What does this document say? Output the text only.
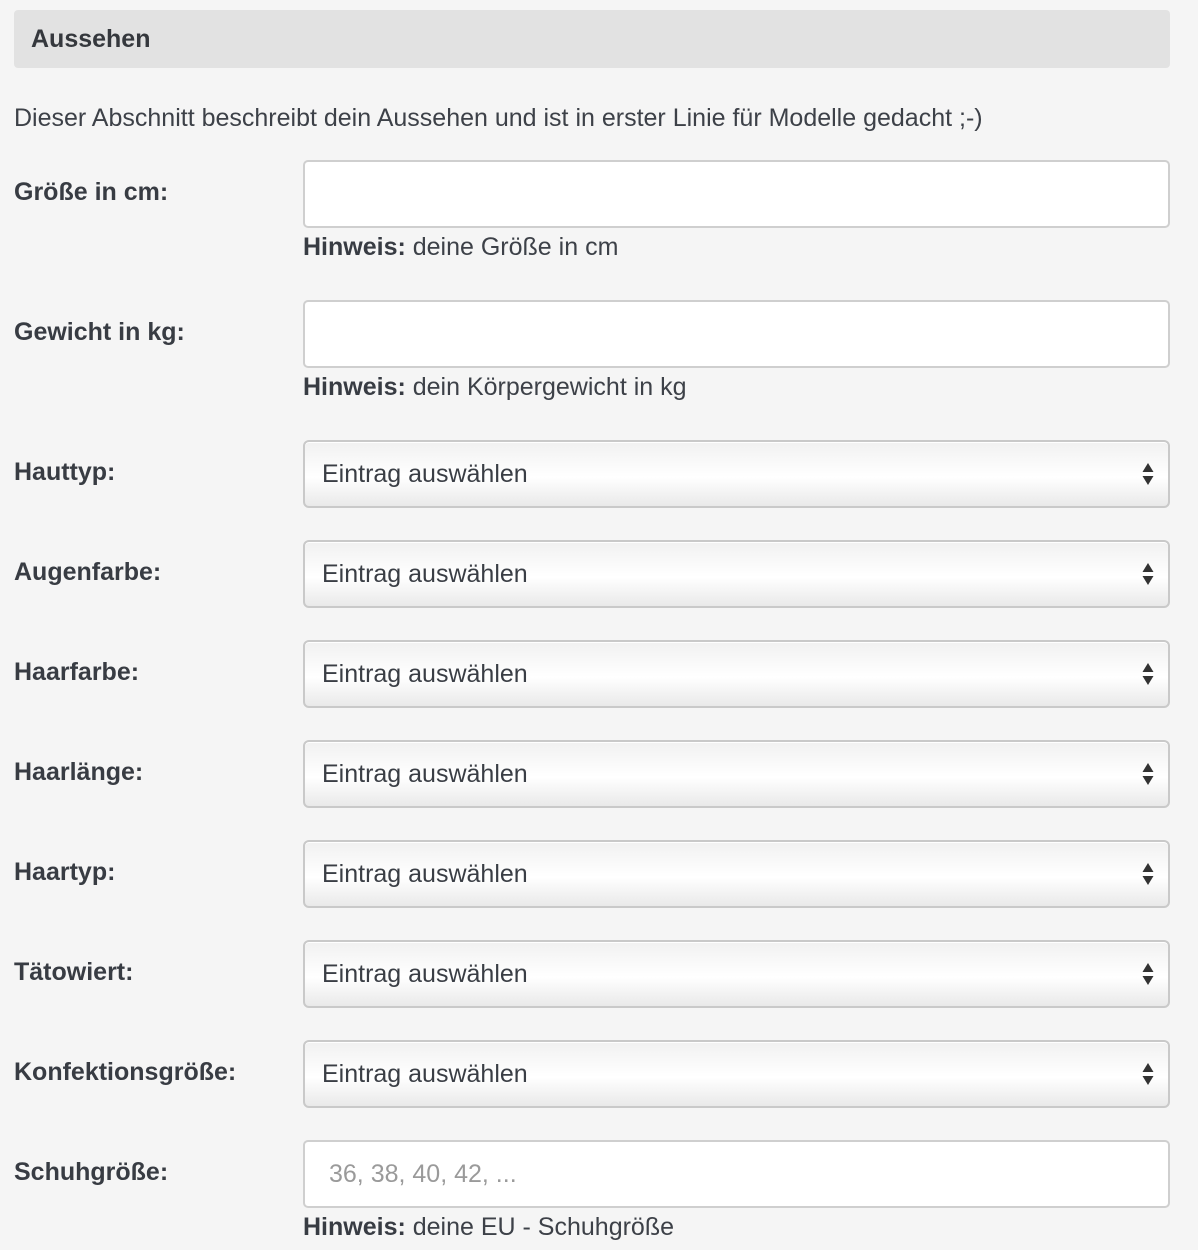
Aussehen
Dieser Abschnitt beschreibt dein Aussehen und ist in erster Linie für Modelle gedacht ;-)
Größe in cm:
Hinweis: deine Größe in cm
Gewicht in kg:
Hinweis: dein Körpergewicht in kg
Hauttyp:	Eintrag auswählen
Augenfarbe:	Eintrag auswählen
Haarfarbe:	Eintrag auswählen
Haarlänge:	Eintrag auswählen
Haartyp:	Eintrag auswählen
Tätowiert:	Eintrag auswählen
Konfektionsgröße:	Eintrag auswählen
Schuhgröße:
36, 38, 40, 42, ...
Hinweis: deine EU - Schuhgröße
